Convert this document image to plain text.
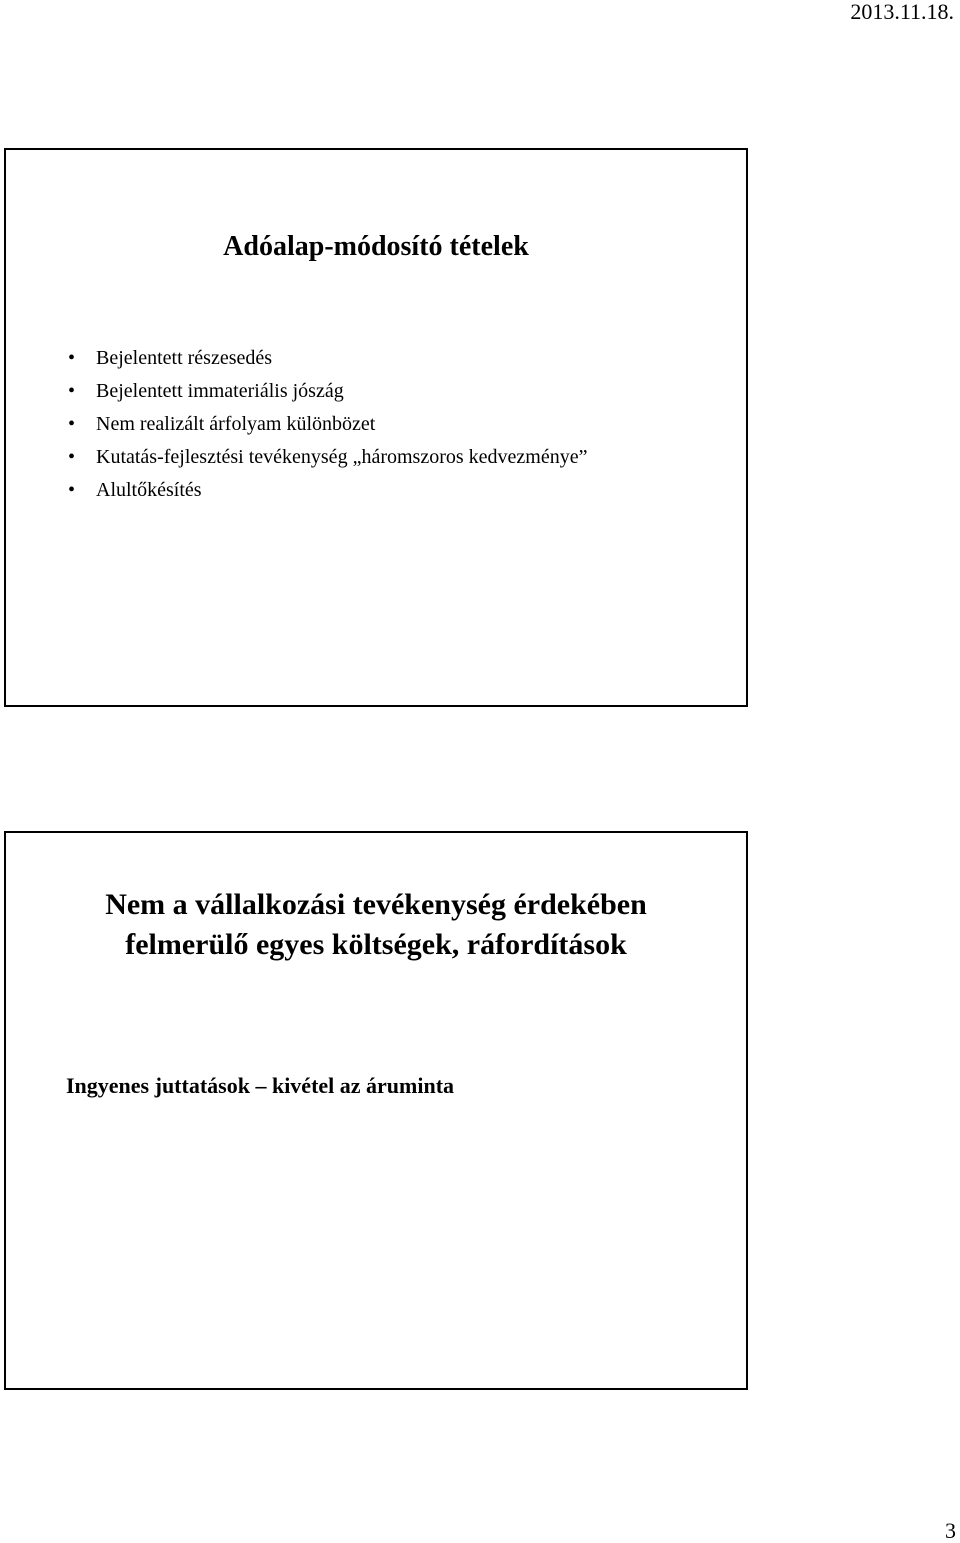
2013.11.18.
Adóalap-módosító tételek
• Bejelentett részesedés
• Bejelentett immateriális jószág
• Nem realizált árfolyam különbözet
• Kutatás-fejlesztési tevékenység „háromszoros kedvezménye”
• Alultőkésítés
Nem a vállalkozási tevékenység érdekében felmerülő egyes költségek, ráfordítások
Ingyenes juttatások – kivétel az áruminta
3
